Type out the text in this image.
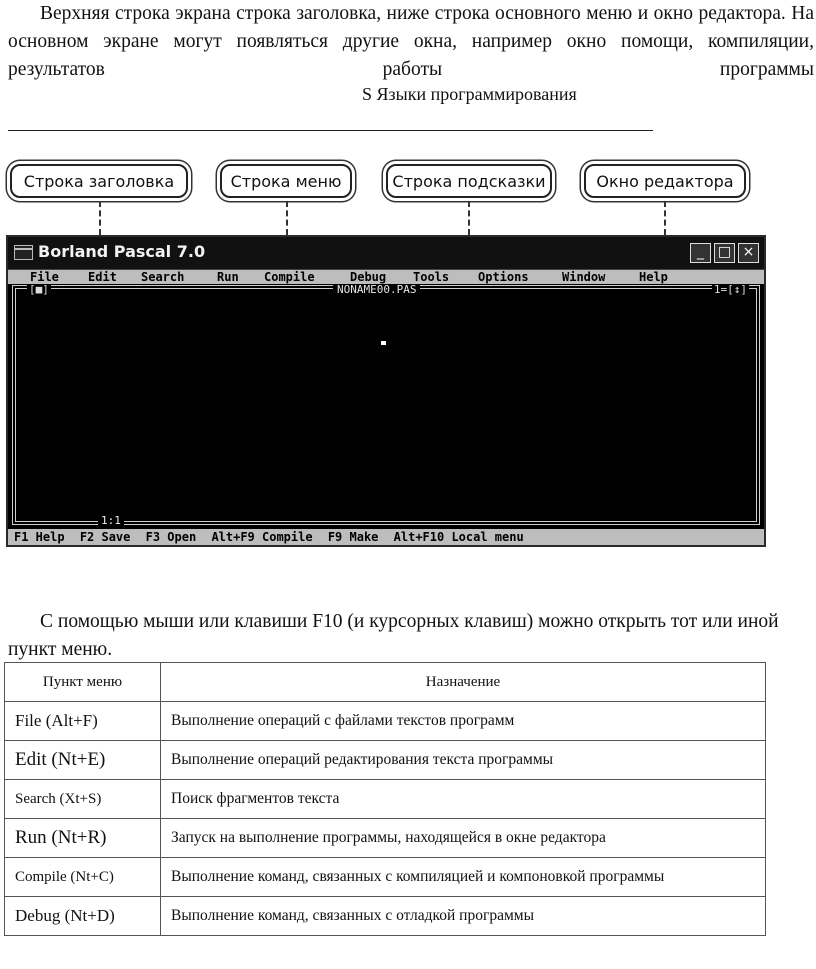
Верхняя строка экрана строка заголовка, ниже строка основного меню и окно редактора. На основном экране могут появляться другие окна, например окно помощи, компиляции, результатов работы программы

S Языки программирования
Строка заголовка	Строка меню	Строка подсказки	Окно редактора
Borland Pascal 7.0	_ □ ×
File Edit Search	Run Compile	Debug Tools Options	Window	Help
[■]	NONAME00.PAS	1=[↕]
1:1
F1 Help F2 Save F3 Open Alt+F9 Compile F9 Make Alt+F10 Local menu

С помощью мыши или клавиши F10 (и курсорных клавиш) можно открыть тот или иной пункт меню.

Пункт меню	Назначение
File (Alt+F)	Выполнение операций с файлами текстов программ
Edit (Nt+E)	Выполнение операций редактирования текста программы
Search (Xt+S)	Поиск фрагментов текста
Run (Nt+R)	Запуск на выполнение программы, находящейся в окне редактора
Compile (Nt+C)	Выполнение команд, связанных с компиляцией и компоновкой программы
Debug (Nt+D)	Выполнение команд, связанных с отладкой программы
